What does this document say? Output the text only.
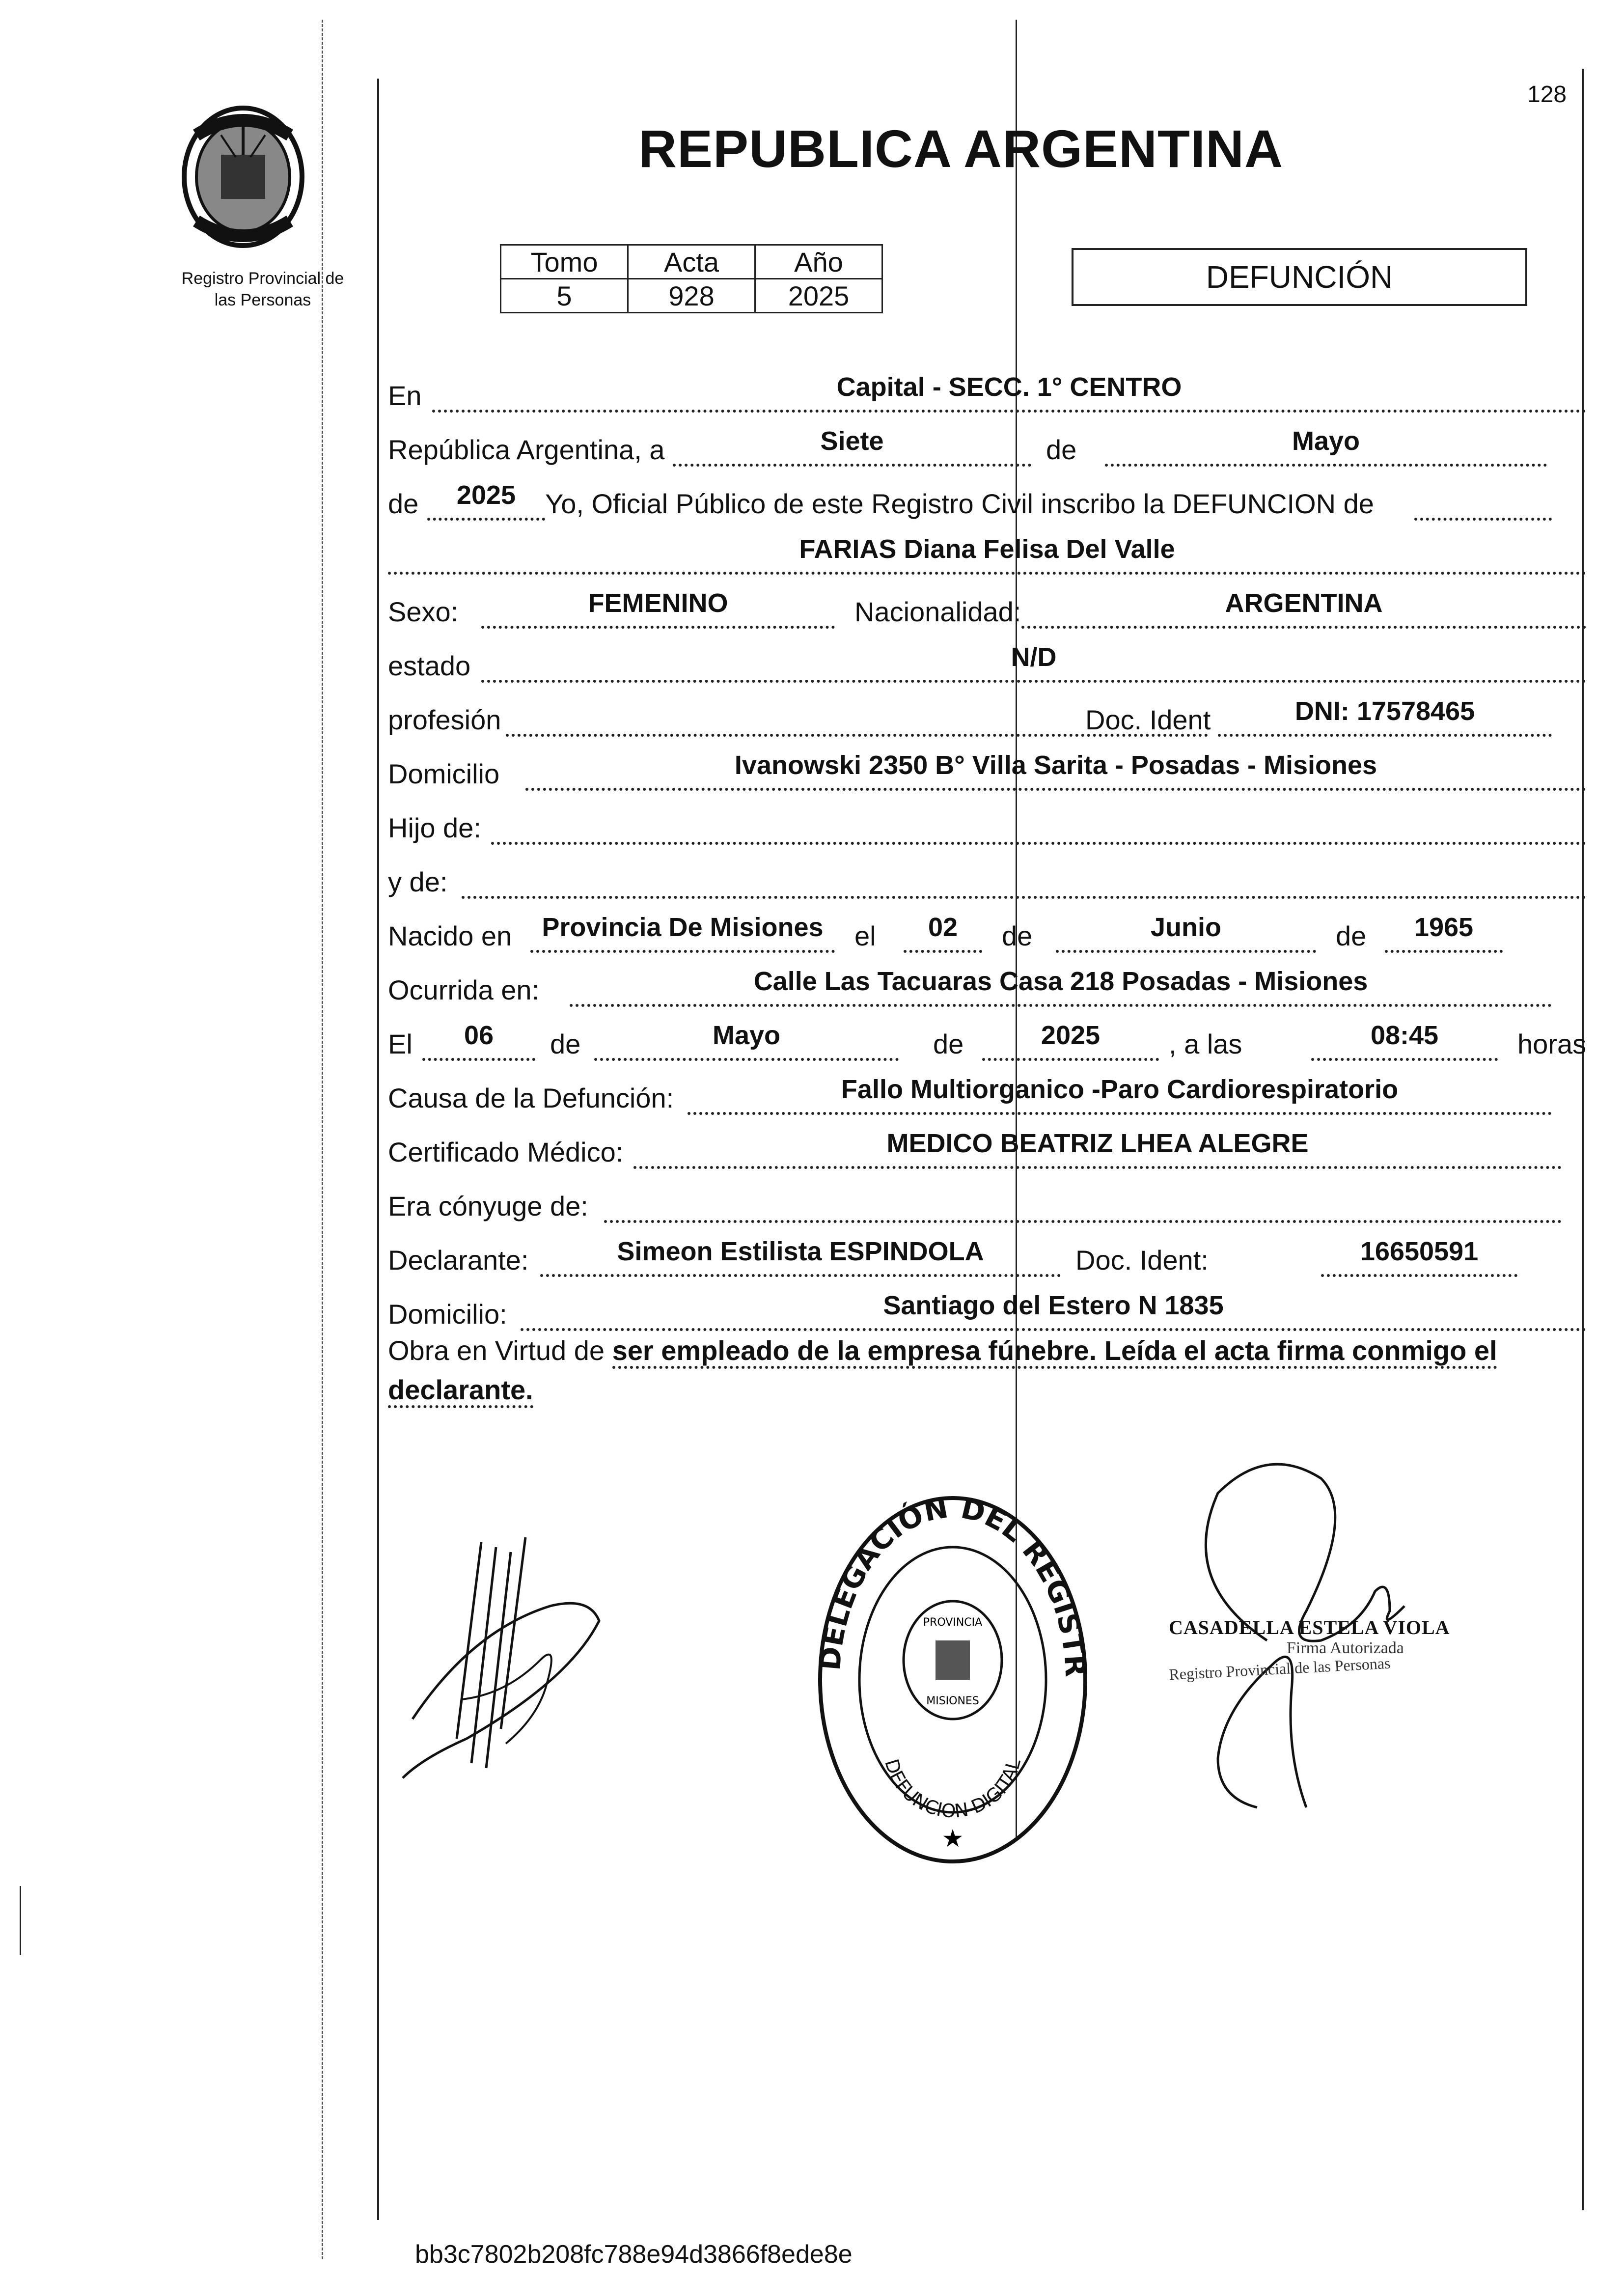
128
Registro Provincial de
las Personas
REPUBLICA ARGENTINA
Tomo	Acta	Año
5	928	2025
DEFUNCIÓN
En	Capital - SECC. 1° CENTRO
República Argentina, a	Siete	de	Mayo
de	2025	Yo, Oficial Público de este Registro Civil inscribo la DEFUNCION de
FARIAS Diana Felisa Del Valle
Sexo:	FEMENINO	Nacionalidad:	ARGENTINA
estado	N/D
profesión	Doc. Ident	DNI: 17578465
Domicilio	Ivanowski 2350 B° Villa Sarita - Posadas - Misiones
Hijo de:
y de:
Nacido en	Provincia De Misiones	el	02	de	Junio	de	1965
Ocurrida en:	Calle Las Tacuaras Casa 218 Posadas - Misiones
El	06	de	Mayo	de	2025	, a las	08:45	horas
Causa de la Defunción:	Fallo Multiorganico -Paro Cardiorespiratorio
Certificado Médico:	MEDICO BEATRIZ LHEA ALEGRE
Era cónyuge de:
Declarante:	Simeon Estilista ESPINDOLA	Doc. Ident:	16650591
Domicilio:	Santiago del Estero N 1835
Obra en Virtud de ser empleado de la empresa fúnebre. Leída el acta firma conmigo el declarante.
DELEGACIÓN DEL REGISTRO DE LAS PERSONAS
DEFUNCION DIGITAL
PROVINCIA
MISIONES
★
CASADELLA ESTELA VIOLA
Firma Autorizada
Registro Provincial de las Personas
bb3c7802b208fc788e94d3866f8ede8e
